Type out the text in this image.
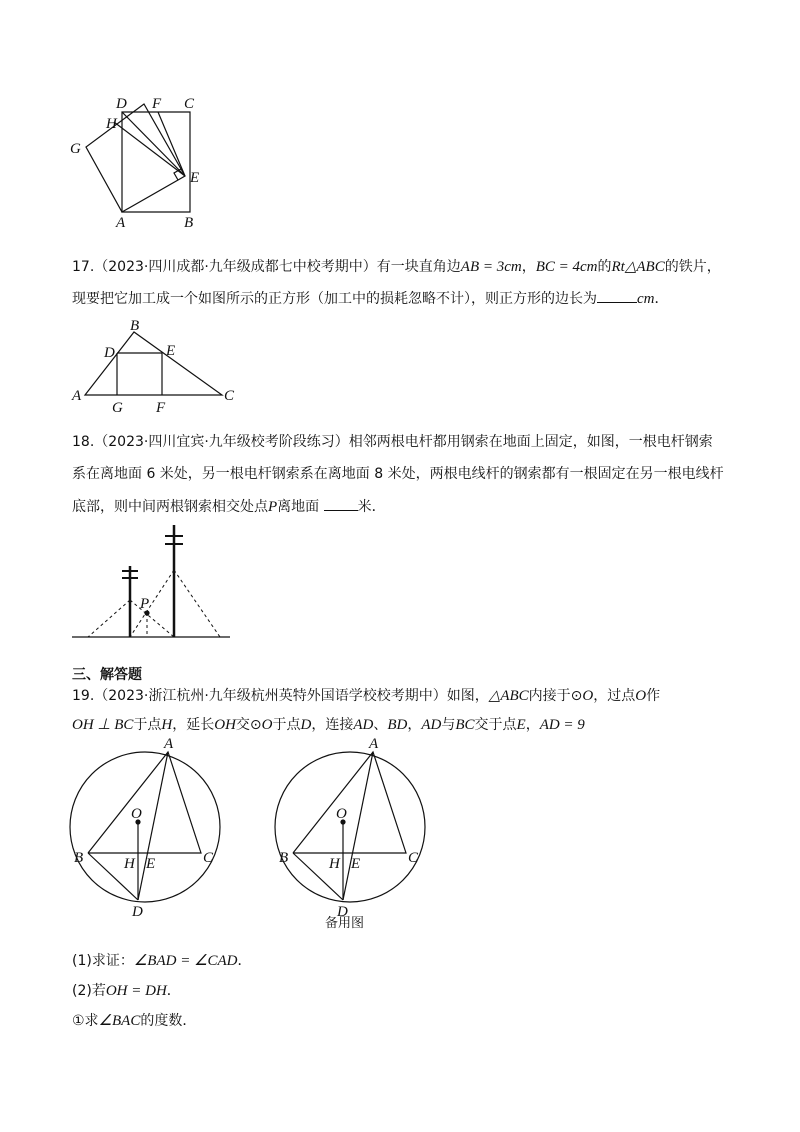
D F C
H
G
E
A	B
B
D	E
A
G F
C
P
A
O
B	H E	C
D
A
O
B	H E	C
D
17.（2023·四川成都·九年级成都七中校考期中）有一块直角边AB = 3cm，BC = 4cm的Rt△ABC的铁片，
现要把它加工成一个如图所示的正方形（加工中的损耗忽略不计），则正方形的边长为	cm．
18.（2023·四川宜宾·九年级校考阶段练习）相邻两根电杆都用钢索在地面上固定，如图，一根电杆钢索
系在离地面 6 米处，另一根电杆钢索系在离地面 8 米处，两根电线杆的钢索都有一根固定在另一根电线杆
底部，则中间两根钢索相交处点P离地面	米．
三、解答题
19.（2023·浙江杭州·九年级杭州英特外国语学校校考期中）如图，△ABC内接于⊙O，过点O作
OH ⊥ BC于点H，延长OH交⊙O于点D，连接AD、BD，AD与BC交于点E，AD = 9
备用图
(1)求证：∠BAD = ∠CAD．
(2)若OH = DH．
①求∠BAC的度数．
